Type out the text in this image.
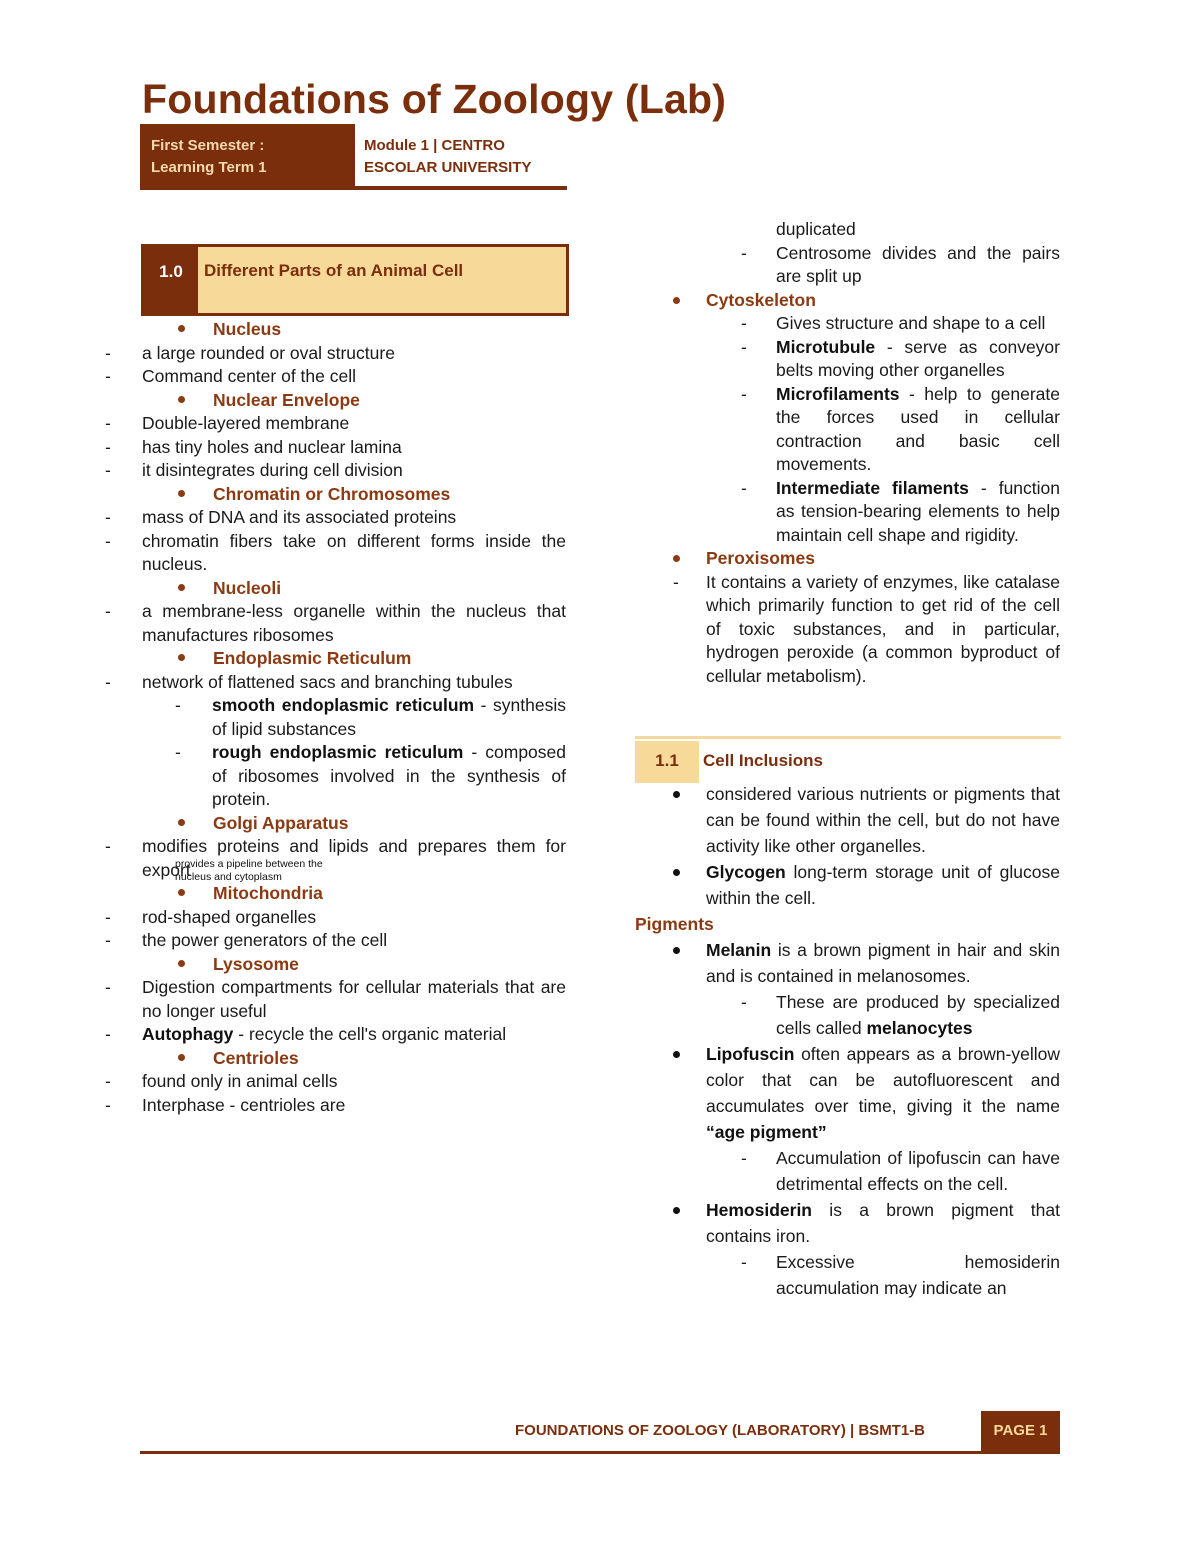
Foundations of Zoology (Lab)
First Semester :
Learning Term 1
Module 1 | CENTRO
ESCOLAR UNIVERSITY
1.0	Different Parts of an Animal Cell

Nucleus

- a large rounded or oval structure

- Command center of the cell

Nuclear Envelope

- Double-layered membrane

- has tiny holes and nuclear lamina

- it disintegrates during cell division

Chromatin or Chromosomes

- mass of DNA and its associated proteins

- chromatin fibers take on different forms inside the nucleus.

Nucleoli

- a membrane-less organelle within the nucleus that manufactures ribosomes

Endoplasmic Reticulum

- network of flattened sacs and branching tubules

- smooth endoplasmic reticulum - synthesis of lipid substances

- rough endoplasmic reticulum - composed of ribosomes involved in the synthesis of protein.

Golgi Apparatus

- modifies proteins and lipids and prepares them for export

Mitochondria

- rod-shaped organelles

- the power generators of the cell

Lysosome

- Digestion compartments for cellular materials that are no longer useful

- Autophagy - recycle the cell's organic material

Centrioles

- found only in animal cells

- Interphase - centrioles are

provides a pipeline between the nucleus and cytoplasm

duplicated

- Centrosome divides and the pairs are split up

Cytoskeleton

- Gives structure and shape to a cell

- Microtubule - serve as conveyor belts moving other organelles

- Microfilaments - help to generate the forces used in cellular contraction and basic cell movements.

- Intermediate filaments - function as tension-bearing elements to help maintain cell shape and rigidity.

Peroxisomes

- It contains a variety of enzymes, like catalase which primarily function to get rid of the cell of toxic substances, and in particular, hydrogen peroxide (a common byproduct of cellular metabolism).

1.1	Cell Inclusions

considered various nutrients or pigments that can be found within the cell, but do not have activity like other organelles.

Glycogen long-term storage unit of glucose within the cell.

Pigments

Melanin is a brown pigment in hair and skin and is contained in melanosomes.

- These are produced by specialized cells called melanocytes

Lipofuscin often appears as a brown-yellow color that can be autofluorescent and accumulates over time, giving it the name “age pigment”

- Accumulation of lipofuscin can have detrimental effects on the cell.

Hemosiderin is a brown pigment that contains iron.

- Excessive hemosiderin accumulation may indicate an

FOUNDATIONS OF ZOOLOGY (LABORATORY) | BSMT1-B	PAGE 1
